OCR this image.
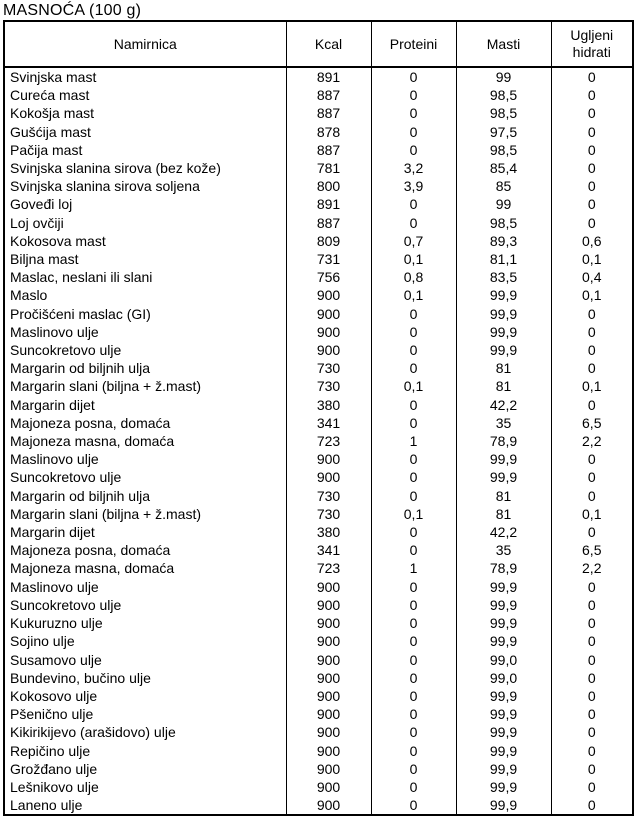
MASNOĆA (100 g)
Namirnica	Kcal	Proteini	Masti	Ugljeni hidrati
Svinjska mast	891	0	99	0
Cureća mast	887	0	98,5	0
Kokošja mast	887	0	98,5	0
Gušćija mast	878	0	97,5	0
Pačija mast	887	0	98,5	0
Svinjska slanina sirova (bez kože)	781	3,2	85,4	0
Svinjska slanina sirova soljena	800	3,9	85	0
Goveđi loj	891	0	99	0
Loj ovčiji	887	0	98,5	0
Kokosova mast	809	0,7	89,3	0,6
Biljna mast	731	0,1	81,1	0,1
Maslac, neslani ili slani	756	0,8	83,5	0,4
Maslo	900	0,1	99,9	0,1
Pročišćeni maslac (GI)	900	0	99,9	0
Maslinovo ulje	900	0	99,9	0
Suncokretovo ulje	900	0	99,9	0
Margarin od biljnih ulja	730	0	81	0
Margarin slani (biljna + ž.mast)	730	0,1	81	0,1
Margarin dijet	380	0	42,2	0
Majoneza posna, domaća	341	0	35	6,5
Majoneza masna, domaća	723	1	78,9	2,2
Maslinovo ulje	900	0	99,9	0
Suncokretovo ulje	900	0	99,9	0
Margarin od biljnih ulja	730	0	81	0
Margarin slani (biljna + ž.mast)	730	0,1	81	0,1
Margarin dijet	380	0	42,2	0
Majoneza posna, domaća	341	0	35	6,5
Majoneza masna, domaća	723	1	78,9	2,2
Maslinovo ulje	900	0	99,9	0
Suncokretovo ulje	900	0	99,9	0
Kukuruzno ulje	900	0	99,9	0
Sojino ulje	900	0	99,9	0
Susamovo ulje	900	0	99,0	0
Bundevino, bučino ulje	900	0	99,0	0
Kokosovo ulje	900	0	99,9	0
Pšenično ulje	900	0	99,9	0
Kikirikijevo (arašidovo) ulje	900	0	99,9	0
Repičino ulje	900	0	99,9	0
Grožđano ulje	900	0	99,9	0
Lešnikovo ulje	900	0	99,9	0
Laneno ulje	900	0	99,9	0
